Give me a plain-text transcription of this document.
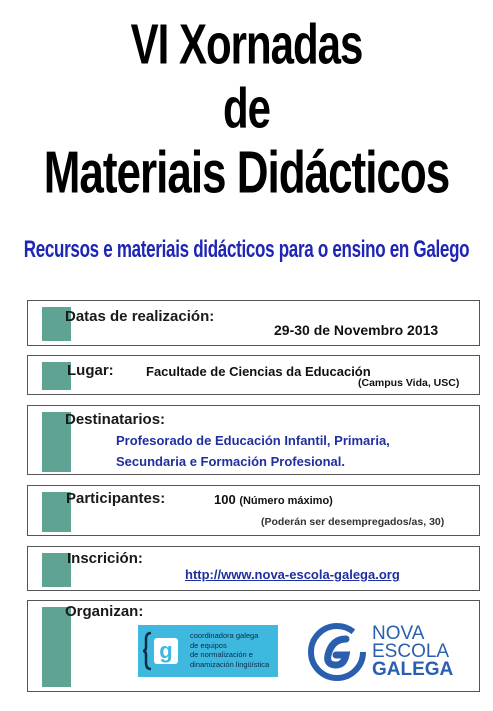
VI Xornadas
de
Materiais Didácticos
Recursos e materiais didácticos para o ensino en Galego
Datas de realización:
29-30 de Novembro 2013
Lugar: Facultade de Ciencias da Educación
(Campus Vida, USC)
Destinatarios:
Profesorado de Educación Infantil, Primaria,
Secundaria e Formación Profesional.
Participantes:	100 (Número máximo)
(Poderán ser desempregados/as, 30)
Inscrición:
http://www.nova-escola-galega.org
Organizan:
g
coordinadora galega
de equipos
de normalización e
dinamización lingüística
NOVA
ESCOLA
GALEGA
